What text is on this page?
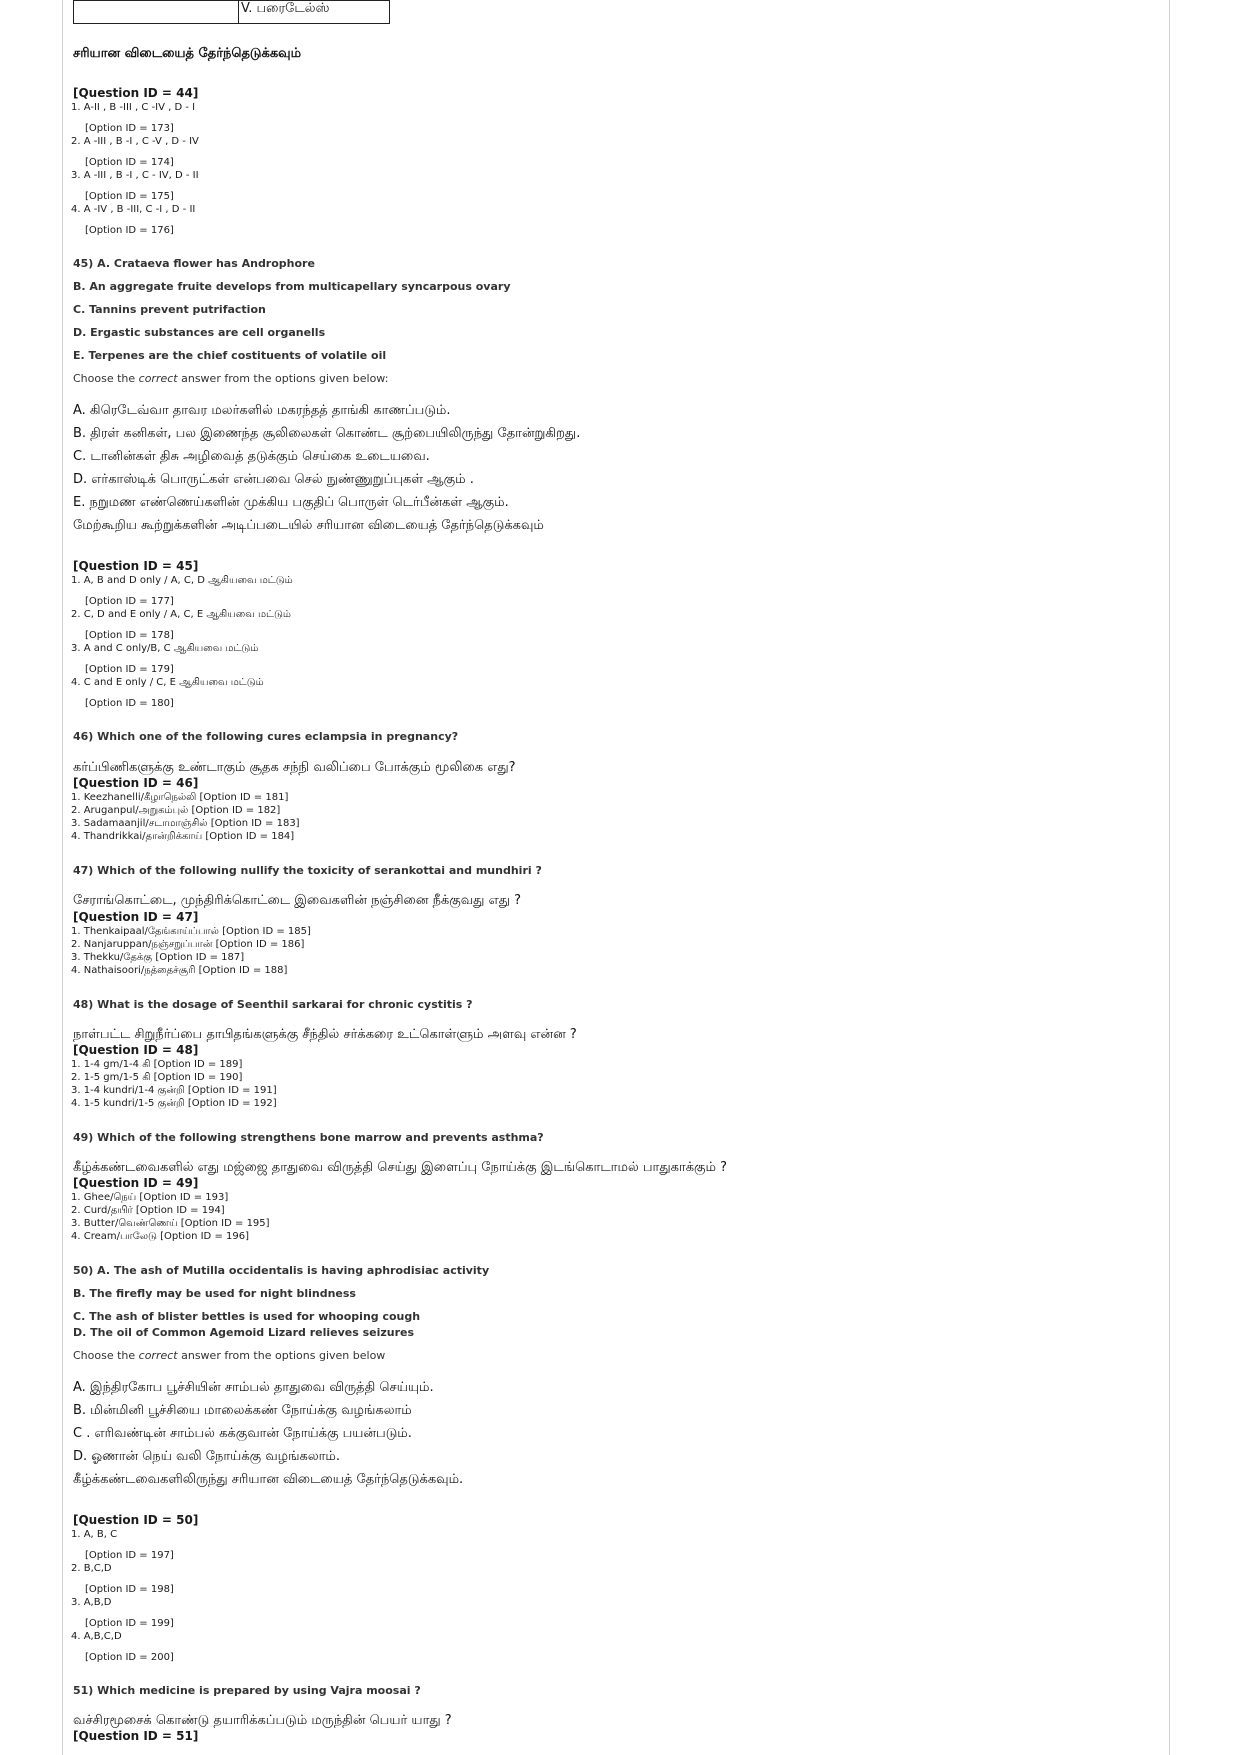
	V. பரைடேல்ஸ்
சரியான விடையைத் தேர்ந்தெடுக்கவும்
[Question ID = 44]
1. A-II , B -III , C -IV , D - I
[Option ID = 173]
2. A -III , B -I , C -V , D - IV
[Option ID = 174]
3. A -III , B -I , C - IV, D - II
[Option ID = 175]
4. A -IV , B -III, C -I , D - II
[Option ID = 176]
45) A. Crataeva flower has Androphore
B. An aggregate fruite develops from multicapellary syncarpous ovary
C. Tannins prevent putrifaction
D. Ergastic substances are cell organells
E. Terpenes are the chief costituents of volatile oil
Choose the correct answer from the options given below:
A. கிரெடேவ்வா தாவர மலர்களில் மகரந்தத் தாங்கி காணப்படும்.
B. திரள் கனிகள், பல இணைந்த சூலிலைகள் கொண்ட சூற்பையிலிருந்து தோன்றுகிறது.
C. டானின்கள் திசு அழிவைத் தடுக்கும் செய்கை உடையவை.
D. எர்காஸ்டிக் பொருட்கள் என்பவை செல் நுண்ணுறுப்புகள் ஆகும் .
E. நறுமண எண்ணெய்களின் முக்கிய பகுதிப் பொருள் டெர்பீன்கள் ஆகும்.
மேற்கூறிய கூற்றுக்களின் அடிப்படையில் சரியான விடையைத் தேர்ந்தெடுக்கவும்
[Question ID = 45]
1. A, B and D only / A, C, D ஆகியவை மட்டும்
[Option ID = 177]
2. C, D and E only / A, C, E ஆகியவை மட்டும்
[Option ID = 178]
3. A and C only/B, C ஆகியவை மட்டும்
[Option ID = 179]
4. C and E only / C, E ஆகியவை மட்டும்
[Option ID = 180]
46) Which one of the following cures eclampsia in pregnancy?
கர்ப்பிணிகளுக்கு உண்டாகும் சூதக சந்நி வலிப்பை போக்கும் மூலிகை எது?
[Question ID = 46]
1. Keezhanelli/கீழாநெல்லி [Option ID = 181]
2. Aruganpul/அறுகம்புல் [Option ID = 182]
3. Sadamaanjil/சடாமாஞ்சில் [Option ID = 183]
4. Thandrikkai/தான்றிக்காய் [Option ID = 184]
47) Which of the following nullify the toxicity of serankottai and mundhiri ?
சேராங்கொட்டை, முந்திரிக்கொட்டை இவைகளின் நஞ்சினை நீக்குவது எது ?
[Question ID = 47]
1. Thenkaipaal/தேங்காய்ப்பால் [Option ID = 185]
2. Nanjaruppan/நஞ்சறுப்பான் [Option ID = 186]
3. Thekku/தேக்கு [Option ID = 187]
4. Nathaisoori/நத்தைச்சூரி [Option ID = 188]
48) What is the dosage of Seenthil sarkarai for chronic cystitis ?
நாள்பட்ட சிறுநீர்ப்பை தாபிதங்களுக்கு சீந்தில் சர்க்கரை உட்கொள்ளும் அளவு என்ன ?
[Question ID = 48]
1. 1-4 gm/1-4 கி [Option ID = 189]
2. 1-5 gm/1-5 கி [Option ID = 190]
3. 1-4 kundri/1-4 குன்றி [Option ID = 191]
4. 1-5 kundri/1-5 குன்றி [Option ID = 192]
49) Which of the following strengthens bone marrow and prevents asthma?
கீழ்க்கண்டவைகளில் எது மஜ்ஜை தாதுவை விருத்தி செய்து இளைப்பு நோய்க்கு இடங்கொடாமல் பாதுகாக்கும் ?
[Question ID = 49]
1. Ghee/நெய் [Option ID = 193]
2. Curd/தயிர் [Option ID = 194]
3. Butter/வெண்ணெய் [Option ID = 195]
4. Cream/பாலேடு [Option ID = 196]
50) A. The ash of Mutilla occidentalis is having aphrodisiac activity
B. The firefly may be used for night blindness
C. The ash of blister bettles is used for whooping cough
D. The oil of Common Agemoid Lizard relieves seizures
Choose the correct answer from the options given below
A. இந்திரகோப பூச்சியின் சாம்பல் தாதுவை விருத்தி செய்யும்.
B. மின்மினி பூச்சியை மாலைக்கண் நோய்க்கு வழங்கலாம்
C . எரிவண்டின் சாம்பல் கக்குவான் நோய்க்கு பயன்படும்.
D. ஓணான் நெய் வலி நோய்க்கு வழங்கலாம்.
கீழ்க்கண்டவைகளிலிருந்து சரியான விடையைத் தேர்ந்தெடுக்கவும்.
[Question ID = 50]
1. A, B, C
[Option ID = 197]
2. B,C,D
[Option ID = 198]
3. A,B,D
[Option ID = 199]
4. A,B,C,D
[Option ID = 200]
51) Which medicine is prepared by using Vajra moosai ?
வச்சிரமூசைக் கொண்டு தயாரிக்கப்படும் மருந்தின் பெயர் யாது ?
[Question ID = 51]
